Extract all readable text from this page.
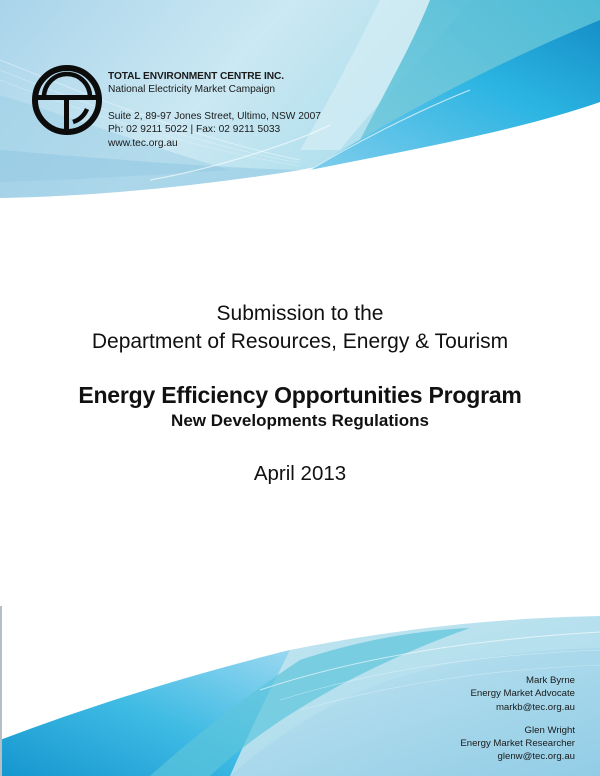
TOTAL ENVIRONMENT CENTRE INC.
National Electricity Market Campaign
Suite 2, 89-97 Jones Street, Ultimo, NSW 2007
Ph: 02 9211 5022 | Fax: 02 9211 5033
www.tec.org.au
Submission to the
Department of Resources, Energy & Tourism
Energy Efficiency Opportunities Program
New Developments Regulations
April 2013
Mark Byrne
Energy Market Advocate
markb@tec.org.au
Glen Wright
Energy Market Researcher
glenw@tec.org.au
